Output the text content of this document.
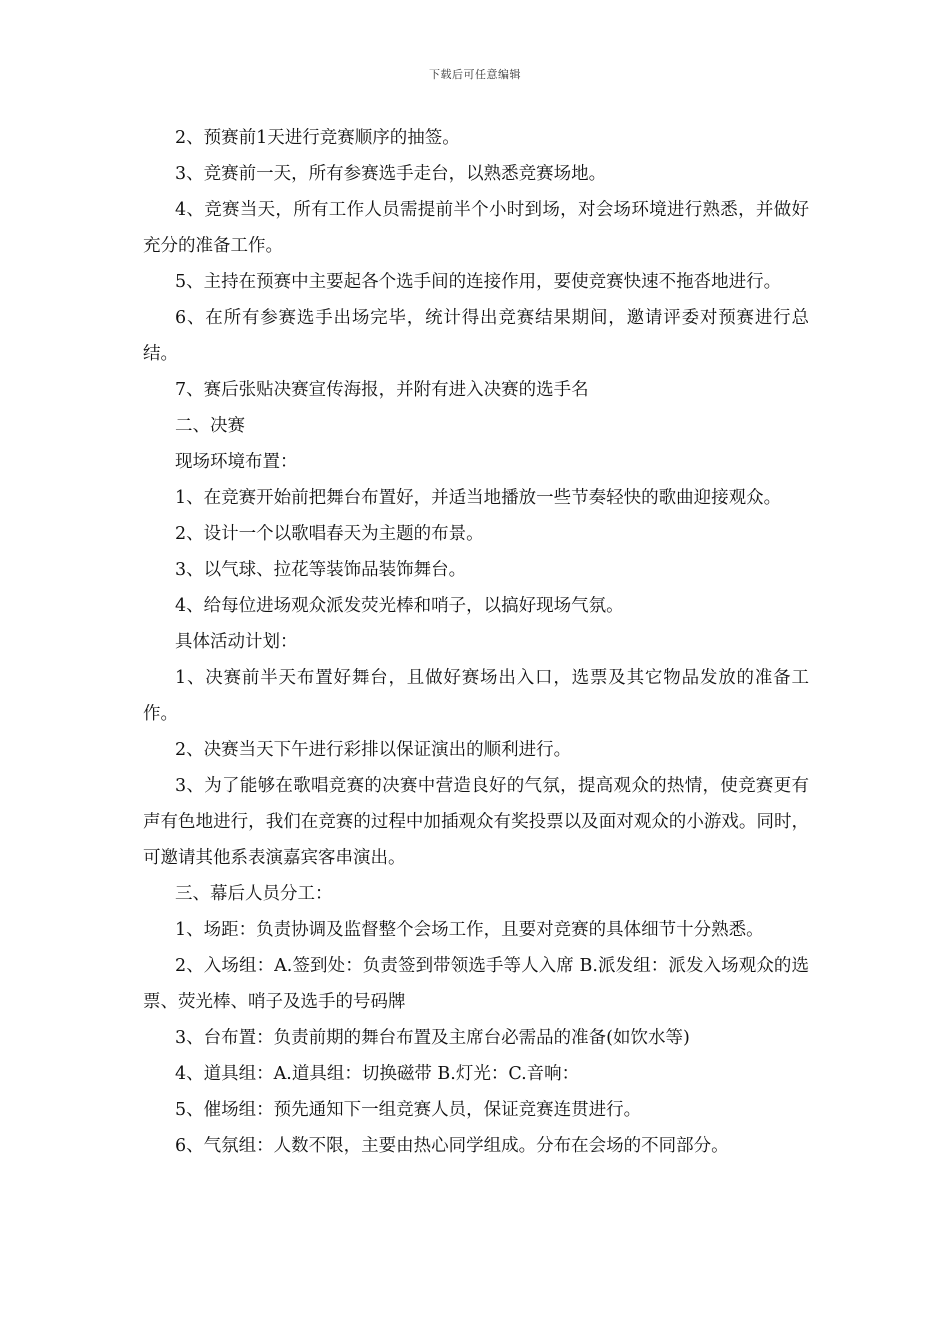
下载后可任意编辑

2、预赛前1天进行竞赛顺序的抽签。

3、竞赛前一天，所有参赛选手走台，以熟悉竞赛场地。

4、竞赛当天，所有工作人员需提前半个小时到场，对会场环境进行熟悉，并做好充分的准备工作。

5、主持在预赛中主要起各个选手间的连接作用，要使竞赛快速不拖沓地进行。

6、在所有参赛选手出场完毕，统计得出竞赛结果期间，邀请评委对预赛进行总结。

7、赛后张贴决赛宣传海报，并附有进入决赛的选手名

二、决赛

现场环境布置：

1、在竞赛开始前把舞台布置好，并适当地播放一些节奏轻快的歌曲迎接观众。

2、设计一个以歌唱春天为主题的布景。

3、以气球、拉花等装饰品装饰舞台。

4、给每位进场观众派发荧光棒和哨子，以搞好现场气氛。

具体活动计划：

1、决赛前半天布置好舞台，且做好赛场出入口，选票及其它物品发放的准备工作。

2、决赛当天下午进行彩排以保证演出的顺利进行。

3、为了能够在歌唱竞赛的决赛中营造良好的气氛，提高观众的热情，使竞赛更有声有色地进行，我们在竞赛的过程中加插观众有奖投票以及面对观众的小游戏。同时，可邀请其他系表演嘉宾客串演出。

三、幕后人员分工：

1、场距：负责协调及监督整个会场工作，且要对竞赛的具体细节十分熟悉。

2、入场组：A.签到处：负责签到带领选手等人入席 B.派发组：派发入场观众的选票、荧光棒、哨子及选手的号码牌

3、台布置：负责前期的舞台布置及主席台必需品的准备(如饮水等)

4、道具组：A.道具组：切换磁带 B.灯光：C.音响：

5、催场组：预先通知下一组竞赛人员，保证竞赛连贯进行。

6、气氛组：人数不限，主要由热心同学组成。分布在会场的不同部分。
